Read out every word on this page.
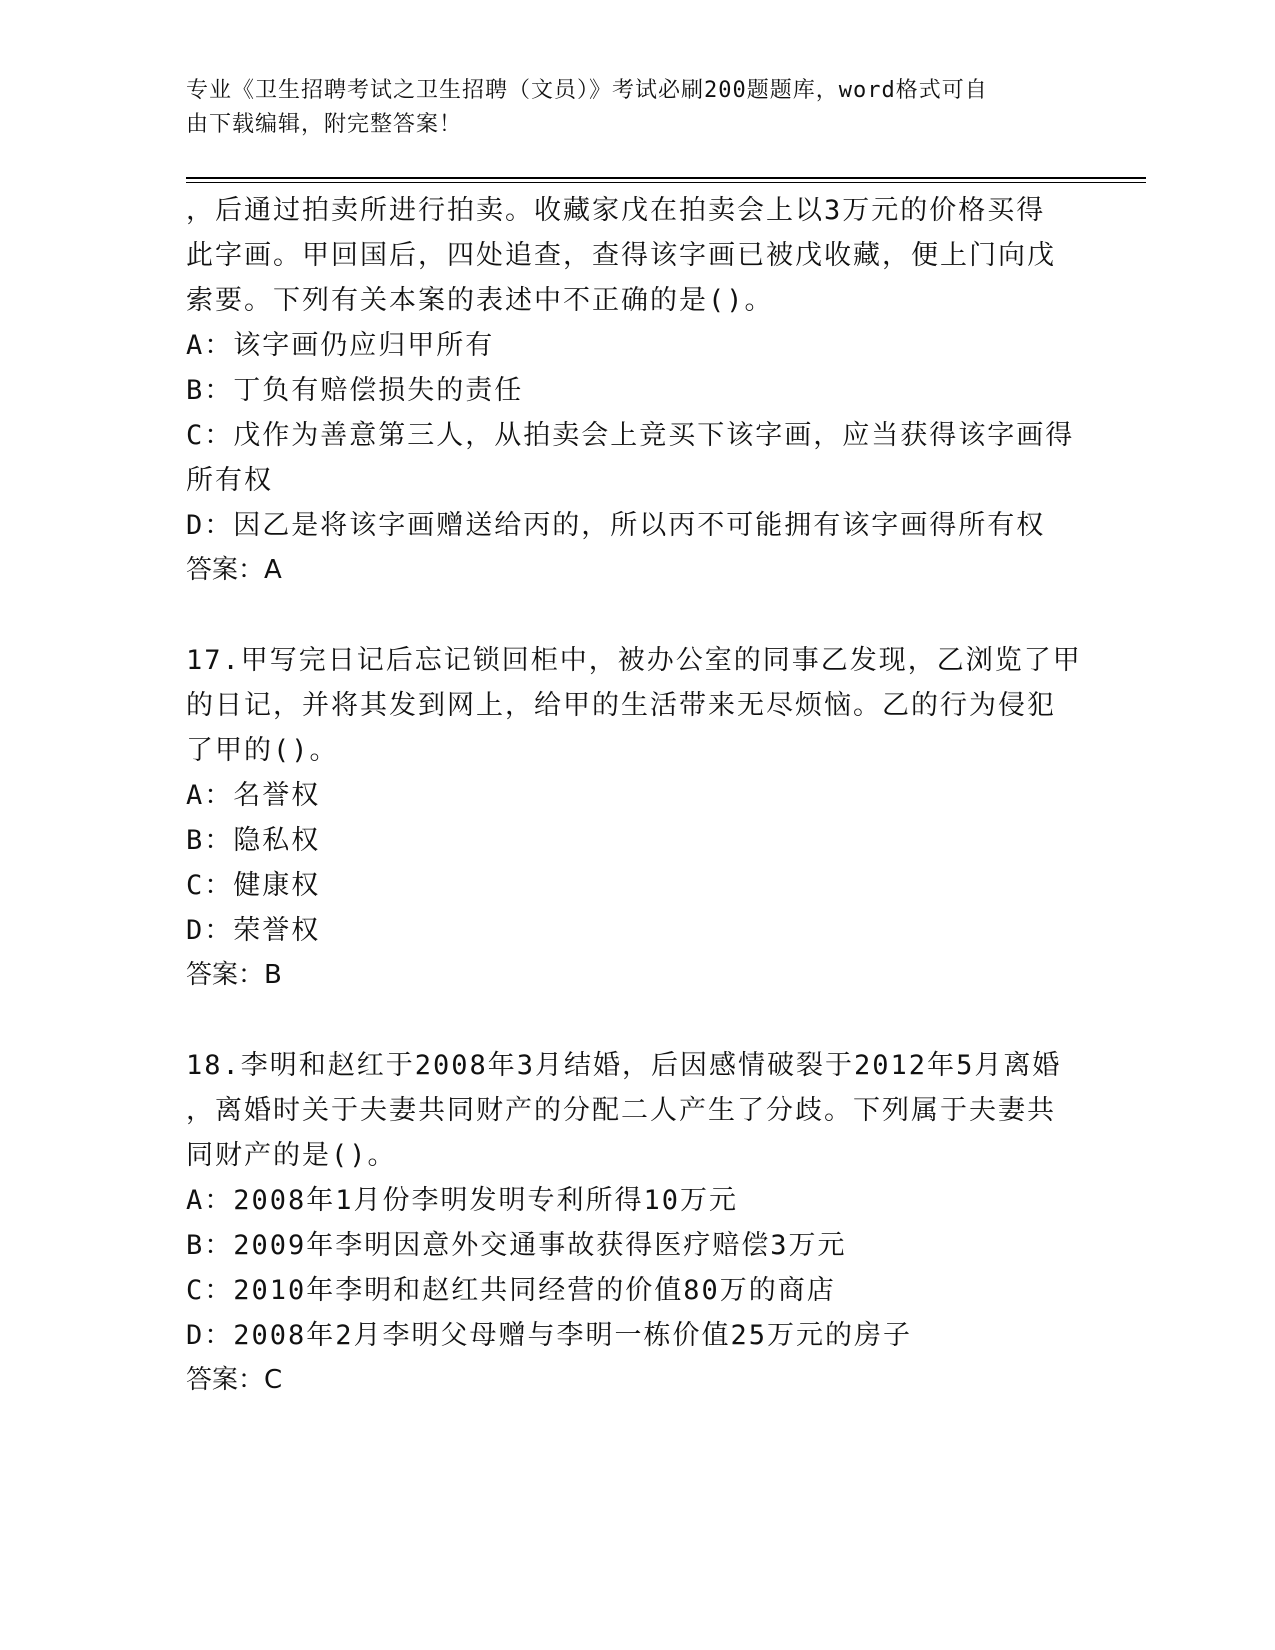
专业《卫生招聘考试之卫生招聘（文员）》考试必刷200题题库，word格式可自
由下载编辑，附完整答案！
，后通过拍卖所进行拍卖。收藏家戊在拍卖会上以3万元的价格买得
此字画。甲回国后，四处追查，查得该字画已被戊收藏，便上门向戊
索要。下列有关本案的表述中不正确的是()。
A：该字画仍应归甲所有
B：丁负有赔偿损失的责任
C：戊作为善意第三人，从拍卖会上竞买下该字画，应当获得该字画得
所有权
D：因乙是将该字画赠送给丙的，所以丙不可能拥有该字画得所有权
答案：A
17.甲写完日记后忘记锁回柜中，被办公室的同事乙发现，乙浏览了甲
的日记，并将其发到网上，给甲的生活带来无尽烦恼。乙的行为侵犯
了甲的()。
A：名誉权
B：隐私权
C：健康权
D：荣誉权
答案：B
18.李明和赵红于2008年3月结婚，后因感情破裂于2012年5月离婚
，离婚时关于夫妻共同财产的分配二人产生了分歧。下列属于夫妻共
同财产的是()。
A：2008年1月份李明发明专利所得10万元
B：2009年李明因意外交通事故获得医疗赔偿3万元
C：2010年李明和赵红共同经营的价值80万的商店
D：2008年2月李明父母赠与李明一栋价值25万元的房子
答案：C
